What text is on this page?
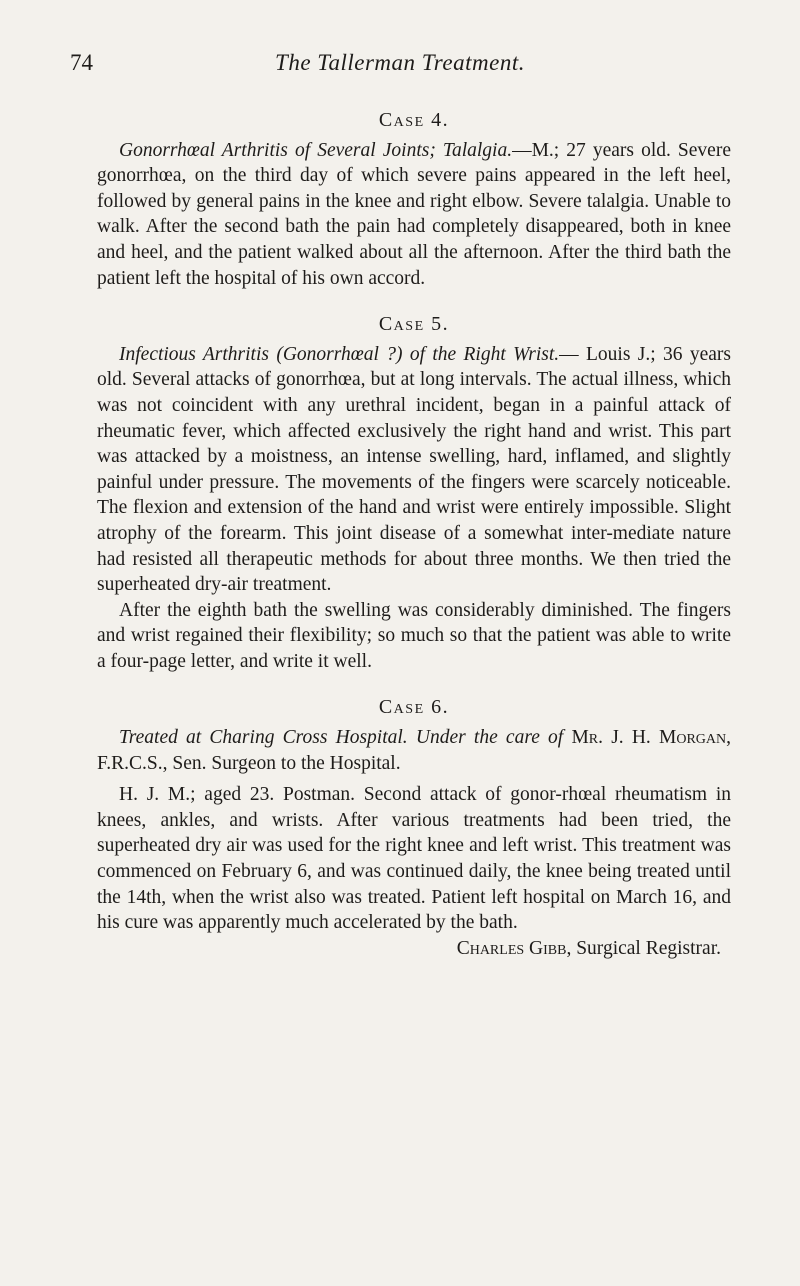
74	The Tallerman Treatment.
Case 4.

Gonorrhœal Arthritis of Several Joints; Talalgia.—M.; 27 years old. Severe gonorrhœa, on the third day of which severe pains appeared in the left heel, followed by general pains in the knee and right elbow. Severe talalgia. Unable to walk. After the second bath the pain had completely disappeared, both in knee and heel, and the patient walked about all the afternoon. After the third bath the patient left the hospital of his own accord.

Case 5.

Infectious Arthritis (Gonorrhœal ?) of the Right Wrist.— Louis J.; 36 years old. Several attacks of gonorrhœa, but at long intervals. The actual illness, which was not coincident with any urethral incident, began in a painful attack of rheumatic fever, which affected exclusively the right hand and wrist. This part was attacked by a moistness, an intense swelling, hard, inflamed, and slightly painful under pressure. The movements of the fingers were scarcely noticeable. The flexion and extension of the hand and wrist were entirely impossible. Slight atrophy of the forearm. This joint disease of a somewhat inter-mediate nature had resisted all therapeutic methods for about three months. We then tried the superheated dry-air treatment.

After the eighth bath the swelling was considerably diminished. The fingers and wrist regained their flexibility; so much so that the patient was able to write a four-page letter, and write it well.

Case 6.

Treated at Charing Cross Hospital. Under the care of Mr. J. H. Morgan, F.R.C.S., Sen. Surgeon to the Hospital.

H. J. M.; aged 23. Postman. Second attack of gonor-rhœal rheumatism in knees, ankles, and wrists. After various treatments had been tried, the superheated dry air was used for the right knee and left wrist. This treatment was commenced on February 6, and was continued daily, the knee being treated until the 14th, when the wrist also was treated. Patient left hospital on March 16, and his cure was apparently much accelerated by the bath.

Charles Gibb, Surgical Registrar.
